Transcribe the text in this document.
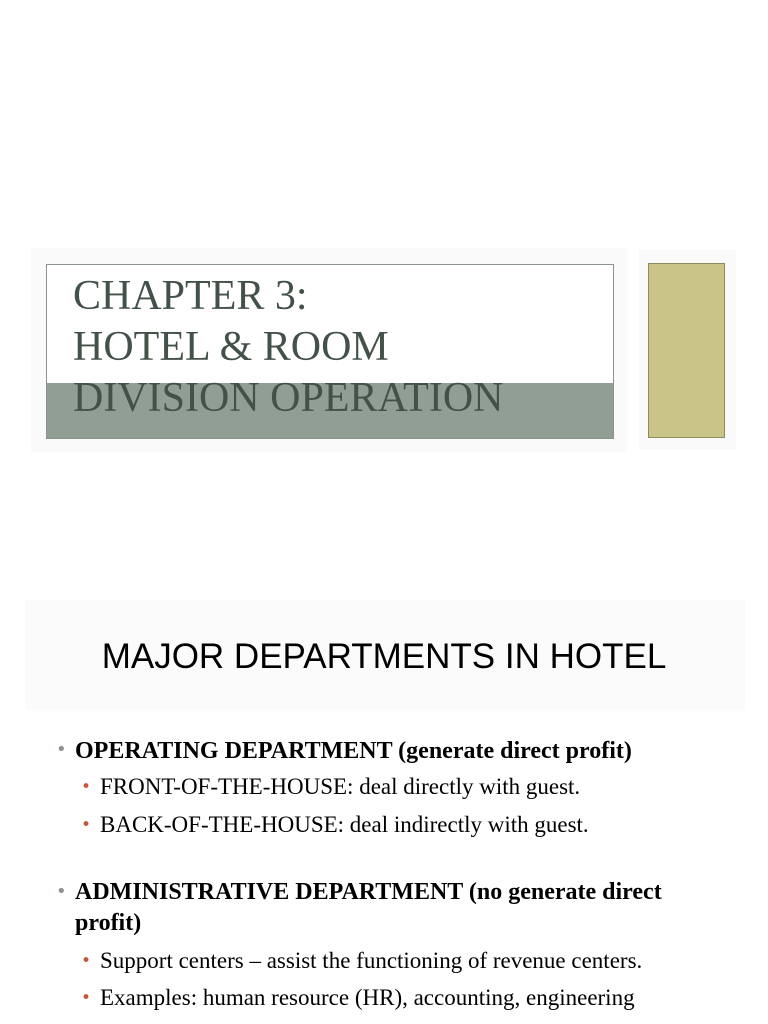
CHAPTER 3:
HOTEL & ROOM
DIVISION OPERATION
MAJOR DEPARTMENTS IN HOTEL
• OPERATING DEPARTMENT (generate direct profit)
• FRONT-OF-THE-HOUSE: deal directly with guest.
• BACK-OF-THE-HOUSE: deal indirectly with guest.
• ADMINISTRATIVE DEPARTMENT (no generate direct
profit)
• Support centers – assist the functioning of revenue centers.
• Examples: human resource (HR), accounting, engineering
